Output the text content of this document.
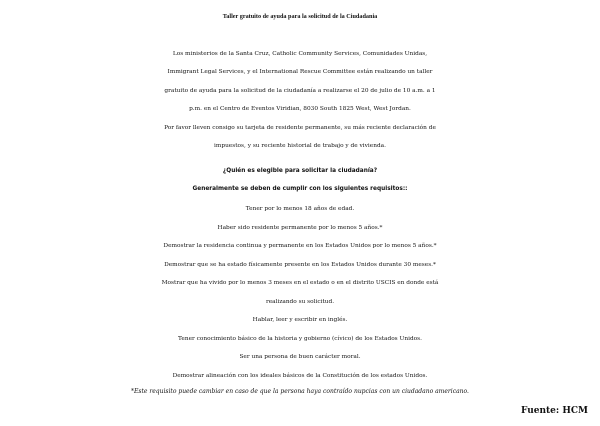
Taller gratuito de ayuda para la solicitud de la Ciudadania
Los ministerios de la Santa Cruz, Catholic Community Services, Comunidades Unidas,
Immigrant Legal Services, y el International Rescue Committee están realizando un taller
gratuito de ayuda para la solicitud de la ciudadanía a realizarse el 20 de julio de 10 a.m. a 1
p.m. en el Centro de Eventos Viridian, 8030 South 1825 West, West Jordan.
Por favor lleven consigo su tarjeta de residente permanente, su más reciente declaración de
impuestos, y su reciente historial de trabajo y de vivienda.
¿Quién es elegible para solicitar la ciudadanía?
Generalmente se deben de cumplir con los siguientes requisitos::
Tener por lo menos 18 años de edad.
Haber sido residente permanente por lo menos 5 años.*
Demostrar la residencia continua y permanente en los Estados Unidos por lo menos 5 años.*
Demostrar que se ha estado físicamente presente en los Estados Unidos durante 30 meses.*
Mostrar que ha vivido por lo menos 3 meses en el estado o en el distrito USCIS en donde está
realizando su solicitud.
Hablar, leer y escribir en inglés.
Tener conocimiento básico de la historia y gobierno (cívico) de los Estados Unidos.
Ser una persona de buen carácter moral.
Demostrar alineación con los ideales básicos de la Constitución de los estados Unidos.
*Este requisito puede cambiar en caso de que la persona haya contraído nupcias con un ciudadano americano.
Fuente: HCM
